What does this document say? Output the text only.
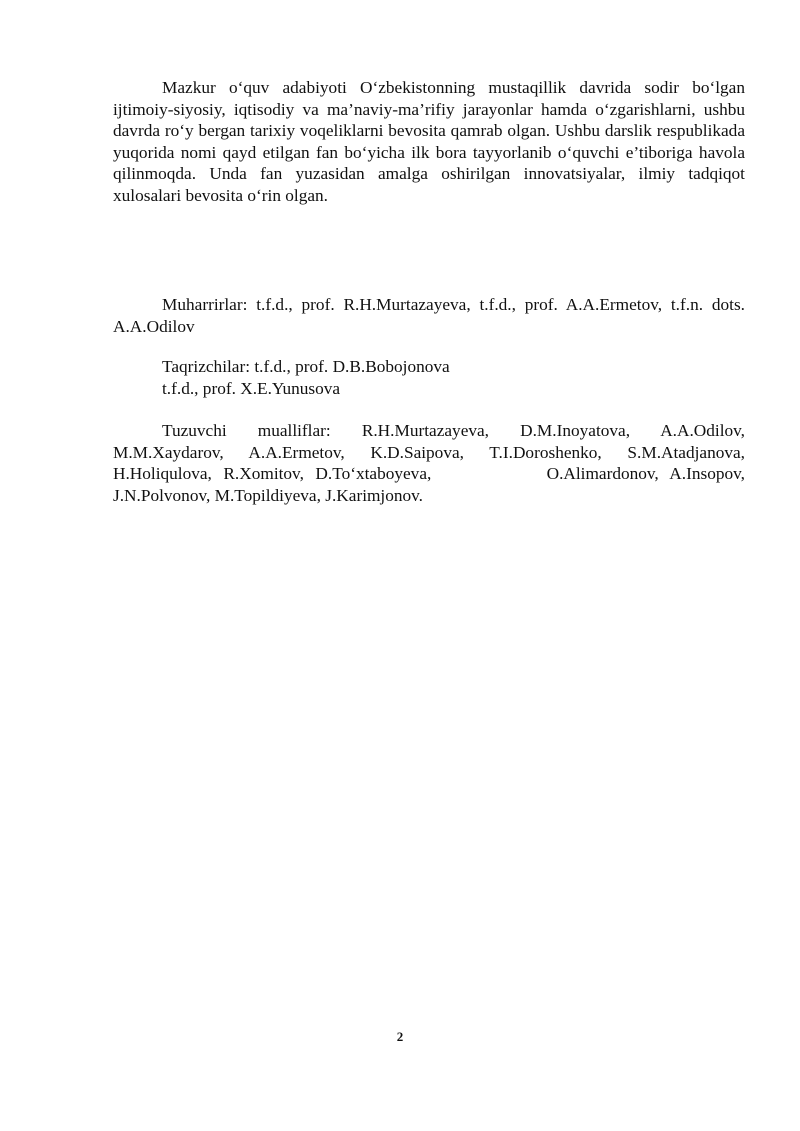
Mazkur o‘quv adabiyoti O‘zbekistonning mustaqillik davrida sodir bo‘lgan ijtimoiy-siyosiy, iqtisodiy va ma’naviy-ma’rifiy jarayonlar hamda o‘zgarishlarni, ushbu davrda ro‘y bergan tarixiy voqeliklarni bevosita qamrab olgan. Ushbu darslik respublikada yuqorida nomi qayd etilgan fan bo‘yicha ilk bora tayyorlanib o‘quvchi e’tiboriga havola qilinmoqda. Unda fan yuzasidan amalga oshirilgan innovatsiyalar, ilmiy tadqiqot xulosalari bevosita o‘rin olgan.

Muharrirlar: t.f.d., prof. R.H.Murtazayeva, t.f.d., prof. A.A.Ermetov, t.f.n. dots. A.A.Odilov

Taqrizchilar: t.f.d., prof. D.B.Bobojonova
t.f.d., prof. X.E.Yunusova

Tuzuvchi mualliflar: R.H.Murtazayeva, D.M.Inoyatova, A.A.Odilov, M.M.Xaydarov, A.A.Ermetov, K.D.Saipova, T.I.Doroshenko, S.M.Atadjanova, H.Holiqulova, R.Xomitov, D.To‘xtaboyeva,          O.Alimardonov, A.Insopov, J.N.Polvonov, M.Topildiyeva, J.Karimjonov.

2
